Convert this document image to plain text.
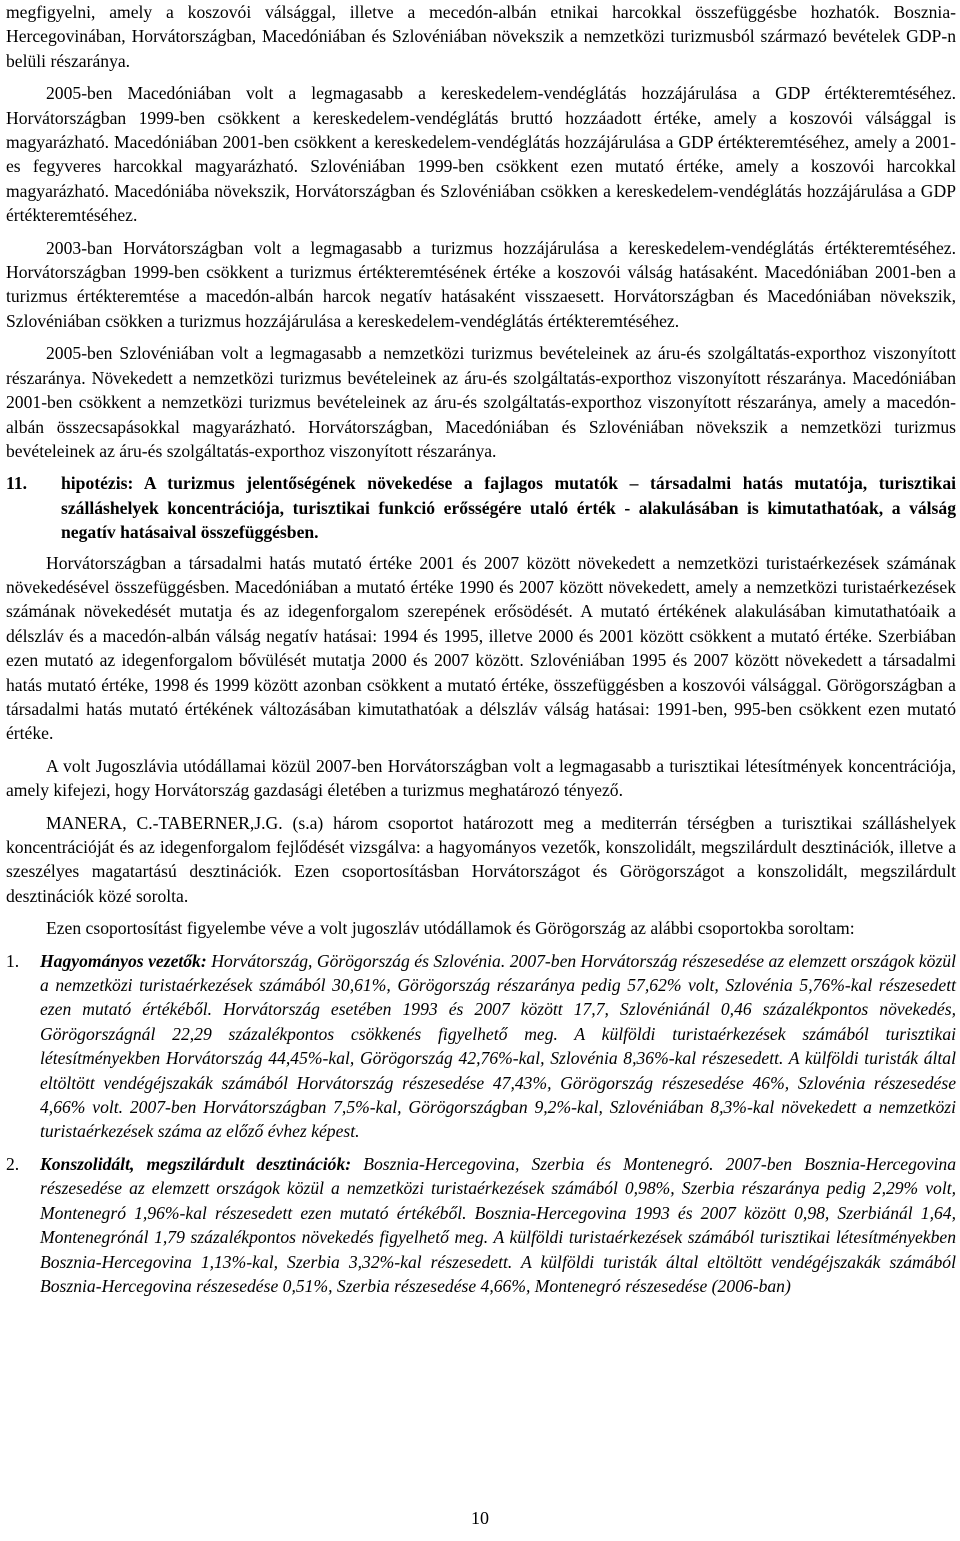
megfigyelni, amely a koszovói válsággal, illetve a mecedón-albán etnikai harcokkal összefüggésbe hozhatók. Bosznia-Hercegovinában, Horvátországban, Macedóniában és Szlovéniában növekszik a nemzetközi turizmusból származó bevételek GDP-n belüli részaránya.

2005-ben Macedóniában volt a legmagasabb a kereskedelem-vendéglátás hozzájárulása a GDP értékteremtéséhez. Horvátországban 1999-ben csökkent a kereskedelem-vendéglátás bruttó hozzáadott értéke, amely a koszovói válsággal is magyarázható. Macedóniában 2001-ben csökkent a kereskedelem-vendéglátás hozzájárulása a GDP értékteremtéséhez, amely a 2001-es fegyveres harcokkal magyarázható. Szlovéniában 1999-ben csökkent ezen mutató értéke, amely a koszovói harcokkal magyarázható. Macedóniába növekszik, Horvátországban és Szlovéniában csökken a kereskedelem-vendéglátás hozzájárulása a GDP értékteremtéséhez.

2003-ban Horvátországban volt a legmagasabb a turizmus hozzájárulása a kereskedelem-vendéglátás értékteremtéséhez. Horvátországban 1999-ben csökkent a turizmus értékteremtésének értéke a koszovói válság hatásaként. Macedóniában 2001-ben a turizmus értékteremtése a macedón-albán harcok negatív hatásaként visszaesett. Horvátországban és Macedóniában növekszik, Szlovéniában csökken a turizmus hozzájárulása a kereskedelem-vendéglátás értékteremtéséhez.

2005-ben Szlovéniában volt a legmagasabb a nemzetközi turizmus bevételeinek az áru-és szolgáltatás-exporthoz viszonyított részaránya. Növekedett a nemzetközi turizmus bevételeinek az áru-és szolgáltatás-exporthoz viszonyított részaránya. Macedóniában 2001-ben csökkent a nemzetközi turizmus bevételeinek az áru-és szolgáltatás-exporthoz viszonyított részaránya, amely a macedón-albán összecsapásokkal magyarázható. Horvátországban, Macedóniában és Szlovéniában növekszik a nemzetközi turizmus bevételeinek az áru-és szolgáltatás-exporthoz viszonyított részaránya.

11.	hipotézis: A turizmus jelentőségének növekedése a fajlagos mutatók – társadalmi hatás mutatója, turisztikai szálláshelyek koncentrációja, turisztikai funkció erősségére utaló érték - alakulásában is kimutathatóak, a válság negatív hatásaival összefüggésben.

Horvátországban a társadalmi hatás mutató értéke 2001 és 2007 között növekedett a nemzetközi turistaérkezések számának növekedésével összefüggésben. Macedóniában a mutató értéke 1990 és 2007 között növekedett, amely a nemzetközi turistaérkezések számának növekedését mutatja és az idegenforgalom szerepének erősödését. A mutató értékének alakulásában kimutathatóaik a délszláv és a macedón-albán válság negatív hatásai: 1994 és 1995, illetve 2000 és 2001 között csökkent a mutató értéke. Szerbiában ezen mutató az idegenforgalom bővülését mutatja 2000 és 2007 között. Szlovéniában 1995 és 2007 között növekedett a társadalmi hatás mutató értéke, 1998 és 1999 között azonban csökkent a mutató értéke, összefüggésben a koszovói válsággal. Görögországban a társadalmi hatás mutató értékének változásában kimutathatóak a délszláv válság hatásai: 1991-ben, 995-ben csökkent ezen mutató értéke.

A volt Jugoszlávia utódállamai közül 2007-ben Horvátországban volt a legmagasabb a turisztikai létesítmények koncentrációja, amely kifejezi, hogy Horvátország gazdasági életében a turizmus meghatározó tényező.

MANERA, C.-TABERNER,J.G. (s.a) három csoportot határozott meg a mediterrán térségben a turisztikai szálláshelyek koncentrációját és az idegenforgalom fejlődését vizsgálva: a hagyományos vezetők, konszolidált, megszilárdult desztinációk, illetve a szeszélyes magatartású desztinációk. Ezen csoportosításban Horvátországot és Görögországot a konszolidált, megszilárdult desztinációk közé sorolta.

Ezen csoportosítást figyelembe véve a volt jugoszláv utódállamok és Görögország az alábbi csoportokba soroltam:

1.	Hagyományos vezetők: Horvátország, Görögország és Szlovénia. 2007-ben Horvátország részesedése az elemzett országok közül a nemzetközi turistaérkezések számából 30,61%, Görögország részaránya pedig 57,62% volt, Szlovénia 5,76%-kal részesedett ezen mutató értékéből. Horvátország esetében 1993 és 2007 között 17,7, Szlovéniánál 0,46 százalékpontos növekedés, Görögországnál 22,29 százalékpontos csökkenés figyelhető meg. A külföldi turistaérkezések számából turisztikai létesítményekben Horvátország 44,45%-kal, Görögország 42,76%-kal, Szlovénia 8,36%-kal részesedett. A külföldi turisták által eltöltött vendégéjszakák számából Horvátország részesedése 47,43%, Görögország részesedése 46%, Szlovénia részesedése 4,66% volt. 2007-ben Horvátországban 7,5%-kal, Görögországban 9,2%-kal, Szlovéniában 8,3%-kal növekedett a nemzetközi turistaérkezések száma az előző évhez képest.
2.	Konszolidált, megszilárdult desztinációk: Bosznia-Hercegovina, Szerbia és Montenegró. 2007-ben Bosznia-Hercegovina részesedése az elemzett országok közül a nemzetközi turistaérkezések számából 0,98%, Szerbia részaránya pedig 2,29% volt, Montenegró 1,96%-kal részesedett ezen mutató értékéből. Bosznia-Hercegovina 1993 és 2007 között 0,98, Szerbiánál 1,64, Montenegrónál 1,79 százalékpontos növekedés figyelhető meg. A külföldi turistaérkezések számából turisztikai létesítményekben Bosznia-Hercegovina 1,13%-kal, Szerbia 3,32%-kal részesedett. A külföldi turisták által eltöltött vendégéjszakák számából Bosznia-Hercegovina részesedése 0,51%, Szerbia részesedése 4,66%, Montenegró részesedése (2006-ban)
10
